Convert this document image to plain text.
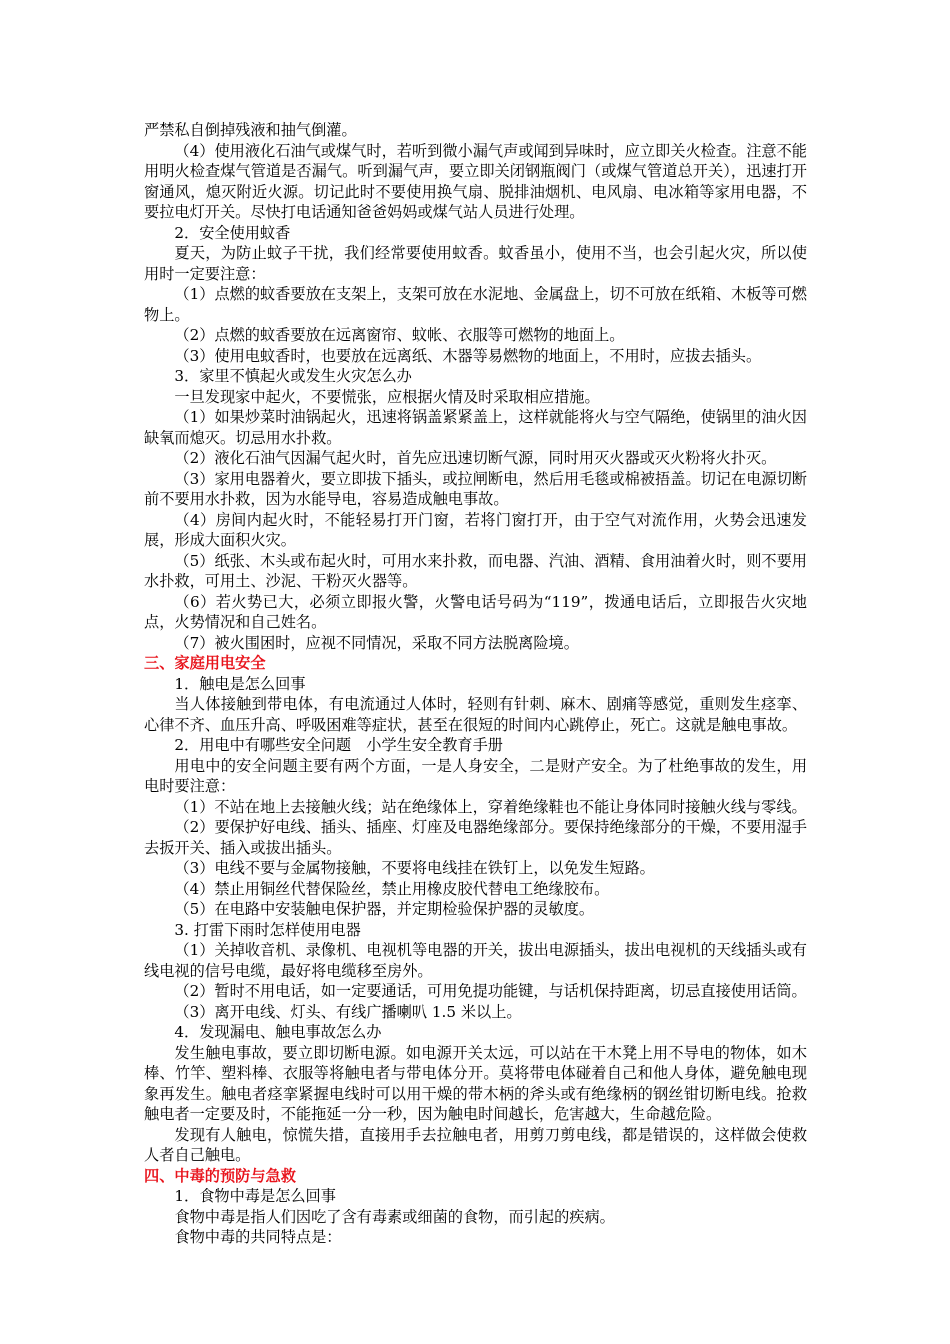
严禁私自倒掉残液和抽气倒灌。

（4）使用液化石油气或煤气时，若听到微小漏气声或闻到异味时，应立即关火检查。注意不能用明火检查煤气管道是否漏气。听到漏气声，要立即关闭钢瓶阀门（或煤气管道总开关），迅速打开窗通风，熄灭附近火源。切记此时不要使用换气扇、脱排油烟机、电风扇、电冰箱等家用电器，不要拉电灯开关。尽快打电话通知爸爸妈妈或煤气站人员进行处理。

2．安全使用蚊香

夏天，为防止蚊子干扰，我们经常要使用蚊香。蚊香虽小，使用不当，也会引起火灾，所以使用时一定要注意：

（1）点燃的蚊香要放在支架上，支架可放在水泥地、金属盘上，切不可放在纸箱、木板等可燃物上。

（2）点燃的蚊香要放在远离窗帘、蚊帐、衣服等可燃物的地面上。

（3）使用电蚊香时，也要放在远离纸、木器等易燃物的地面上，不用时，应拔去插头。

3．家里不慎起火或发生火灾怎么办

一旦发现家中起火，不要慌张，应根据火情及时采取相应措施。

（1）如果炒菜时油锅起火，迅速将锅盖紧紧盖上，这样就能将火与空气隔绝，使锅里的油火因缺氧而熄灭。切忌用水扑救。

（2）液化石油气因漏气起火时，首先应迅速切断气源，同时用灭火器或灭火粉将火扑灭。

（3）家用电器着火，要立即拔下插头，或拉闸断电，然后用毛毯或棉被捂盖。切记在电源切断前不要用水扑救，因为水能导电，容易造成触电事故。

（4）房间内起火时，不能轻易打开门窗，若将门窗打开，由于空气对流作用，火势会迅速发展，形成大面积火灾。

（5）纸张、木头或布起火时，可用水来扑救，而电器、汽油、酒精、食用油着火时，则不要用水扑救，可用土、沙泥、干粉灭火器等。

（6）若火势已大，必须立即报火警，火警电话号码为“119”，拨通电话后，立即报告火灾地点，火势情况和自己姓名。

（7）被火围困时，应视不同情况，采取不同方法脱离险境。

三、家庭用电安全

1．触电是怎么回事

当人体接触到带电体，有电流通过人体时，轻则有针刺、麻木、剧痛等感觉，重则发生痉挛、心律不齐、血压升高、呼吸困难等症状，甚至在很短的时间内心跳停止，死亡。这就是触电事故。

2．用电中有哪些安全问题　小学生安全教育手册

用电中的安全问题主要有两个方面，一是人身安全，二是财产安全。为了杜绝事故的发生，用电时要注意：

（1）不站在地上去接触火线；站在绝缘体上，穿着绝缘鞋也不能让身体同时接触火线与零线。

（2）要保护好电线、插头、插座、灯座及电器绝缘部分。要保持绝缘部分的干燥，不要用湿手去扳开关、插入或拔出插头。

（3）电线不要与金属物接触，不要将电线挂在铁钉上，以免发生短路。

（4）禁止用铜丝代替保险丝，禁止用橡皮胶代替电工绝缘胶布。

（5）在电路中安装触电保护器，并定期检验保护器的灵敏度。

3. 打雷下雨时怎样使用电器

（1）关掉收音机、录像机、电视机等电器的开关，拔出电源插头，拔出电视机的天线插头或有线电视的信号电缆，最好将电缆移至房外。

（2）暂时不用电话，如一定要通话，可用免提功能键，与话机保持距离，切忌直接使用话筒。

（3）离开电线、灯头、有线广播喇叭 1.5 米以上。

4．发现漏电、触电事故怎么办

发生触电事故，要立即切断电源。如电源开关太远，可以站在干木凳上用不导电的物体，如木棒、竹竿、塑料棒、衣服等将触电者与带电体分开。莫将带电体碰着自己和他人身体，避免触电现象再发生。触电者痉挛紧握电线时可以用干燥的带木柄的斧头或有绝缘柄的钢丝钳切断电线。抢救触电者一定要及时，不能拖延一分一秒，因为触电时间越长，危害越大，生命越危险。

发现有人触电，惊慌失措，直接用手去拉触电者，用剪刀剪电线，都是错误的，这样做会使救人者自己触电。

四、中毒的预防与急救

1．食物中毒是怎么回事

食物中毒是指人们因吃了含有毒素或细菌的食物，而引起的疾病。

食物中毒的共同特点是：
